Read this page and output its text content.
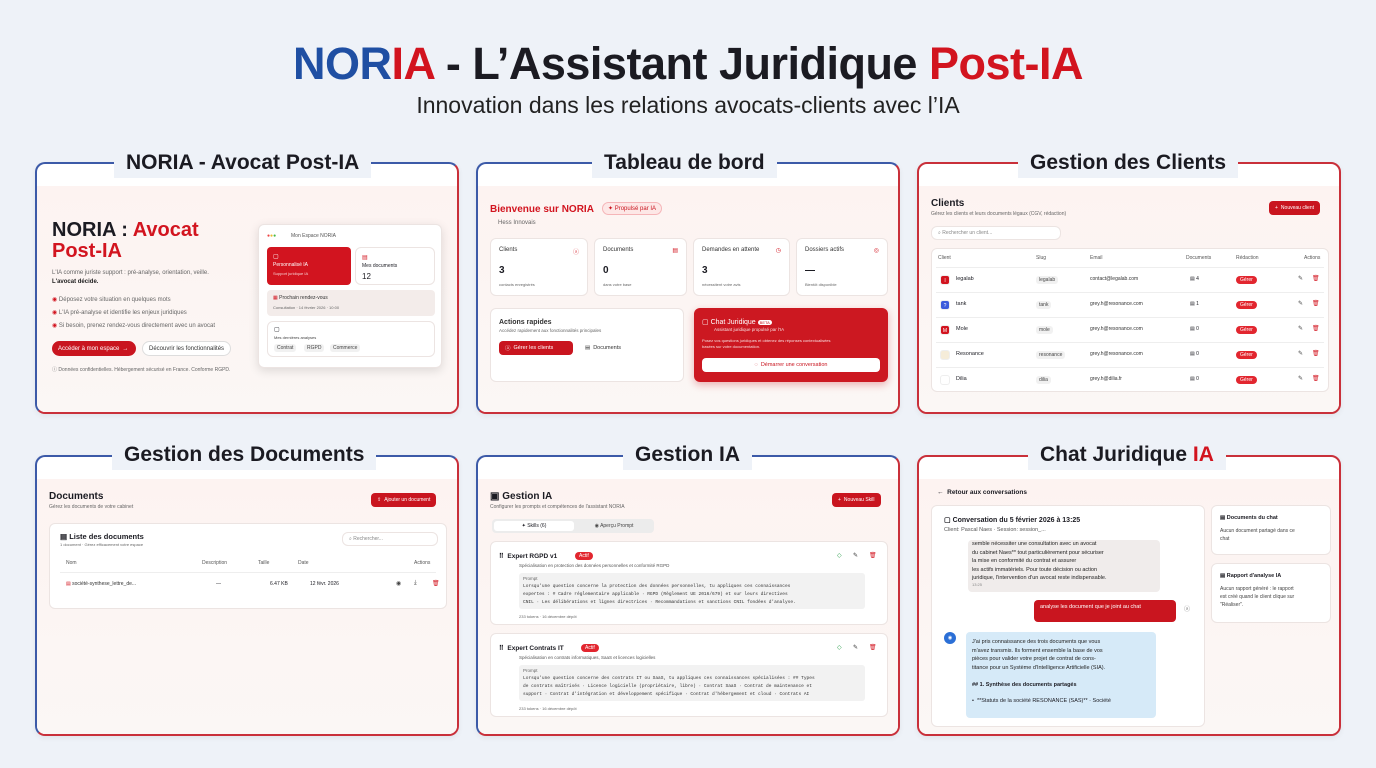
NORIA - L’Assistant Juridique Post-IA
Innovation dans les relations avocats-clients avec l’IA
NORIA : Avocat
Post-IA
L'IA comme juriste support : pré-analyse, orientation, veille.
L'avocat décide.
◉ Déposez votre situation en quelques mots
◉ L'IA pré-analyse et identifie les enjeux juridiques
◉ Si besoin, prenez rendez-vous directement avec un avocat
Accéder à mon espace →	Découvrir les fonctionnalités
ⓘ Données confidentielles. Hébergement sécurisé en France. Conforme RGPD.
●●●	Mon Espace NORIA
▢
Personnalisé IA
Support juridique IA
▤
Mes documents
12
▦ Prochain rendez-vous
Consultation · 14 février 2026 · 10:00
▢
Mes dernières analyses
Contrat	RGPD	Commerce
NORIA - Avocat Post-IA
Bienvenue sur NORIA	✦ Propulsé par IA
Hess Innovais
Clients	ⓐ
3
contacts enregistrés
Documents	▤
0
dans votre base
Demandes en attente	◷
3
nécessitent votre avis
Dossiers actifs	◎
—
Bientôt disponible
Actions rapides
Accédez rapidement aux fonctionnalités principales
ⓐ Gérer les clients	▤ Documents
▢ Chat Juridique BETA
Assistant juridique propulsé par l'IA
Posez vos questions juridiques et obtenez des réponses contextualisées
basées sur votre documentation.
◌ Démarrer une conversation
Tableau de bord
Clients
Gérez les clients et leurs documents légaux (CGV, rédaction)
+ Nouveau client
⌕ Rechercher un client...
Client	Slug	Email	Documents	Rédaction	Actions
l	legalab	legalab	contact@legalab.com	▤ 4	Gérer	✎ 🗑
?	tank	tank	grey.h@resonance.com	▤ 1	Gérer	✎ 🗑
M	Mole	mole	grey.h@resonance.com	▤ 0	Gérer	✎ 🗑
Resonance	resonance	grey.h@resonance.com	▤ 0	Gérer	✎ 🗑
Dilia	dilia	grey.h@dilia.fr	▤ 0	Gérer	✎ 🗑
Gestion des Clients
Documents
Gérez les documents de votre cabinet
⇪ Ajouter un document
▤ Liste des documents
1 document · Gérez efficacement votre espace
⌕ Rechercher...
Nom	Description	Taille	Date	Actions
▤ société-synthese_lettre_de...	—	6.47 KB	12 févr. 2026	◉ ⤓	🗑
Gestion des Documents
▣ Gestion IA
Configurer les prompts et compétences de l'assistant NORIA
+ Nouveau Skill
✦ Skills (6)	◉ Aperçu Prompt
⠿ Expert RGPD v1	Actif
Spécialisation en protection des données personnelles et conformité RGPD
◇ ✎ 🗑
Prompt
Lorsqu'une question concerne la protection des données personnelles, tu appliques ces connaissances
expertes : # Cadre réglementaire applicable · RGPD (Règlement UE 2016/679) et sur leurs directives
CNIL · Les délibérations et lignes directrices · Recommandations et sanctions CNIL fondées d'analyse.
233 tokens · 16 décembre dépôt
⠿ Expert Contrats IT	Actif
Spécialisation en contrats informatiques, SaaS et licences logicielles
◇ ✎ 🗑
Prompt
Lorsqu'une question concerne des contrats IT ou SaaS, tu appliques ces connaissances spécialisées : ## Types
de contrats maîtrisés · Licence logicielle (propriétaire, libre) · Contrat SaaS · Contrat de maintenance et
support · Contrat d'intégration et développement spécifique · Contrat d'hébergement et cloud · Contrats AI
233 tokens · 16 décembre dépôt
Gestion IA
←  Retour aux conversations
▢ Conversation du 5 février 2026 à 13:25
Client: Pascal Naes · Session: session_...
semble nécessiter une consultation avec un avocat
du cabinet Naes** tout particulièrement pour sécuriser
la mise en conformité du contrat et assurer
les actifs immatériels. Pour toute décision ou action
juridique, l'intervention d'un avocat reste indispensable.
13:25
analyse les document que je joint au chat	ⓐ
◉
J'ai pris connaissance des trois documents que vous
m'avez transmis. Ils forment ensemble la base de vos
pièces pour valider votre projet de contrat de cons-
titance pour un Système d'Intelligence Artificielle (SIA).
## 1. Synthèse des documents partagés
•  **Statuts de la société RESONANCE (SAS)** · Société
▤ Documents du chat
Aucun document partagé dans ce
chat
▤ Rapport d'analyse IA
Aucun rapport généré : le rapport
est créé quand le client clique sur
"Réaliser".
Chat Juridique IA
